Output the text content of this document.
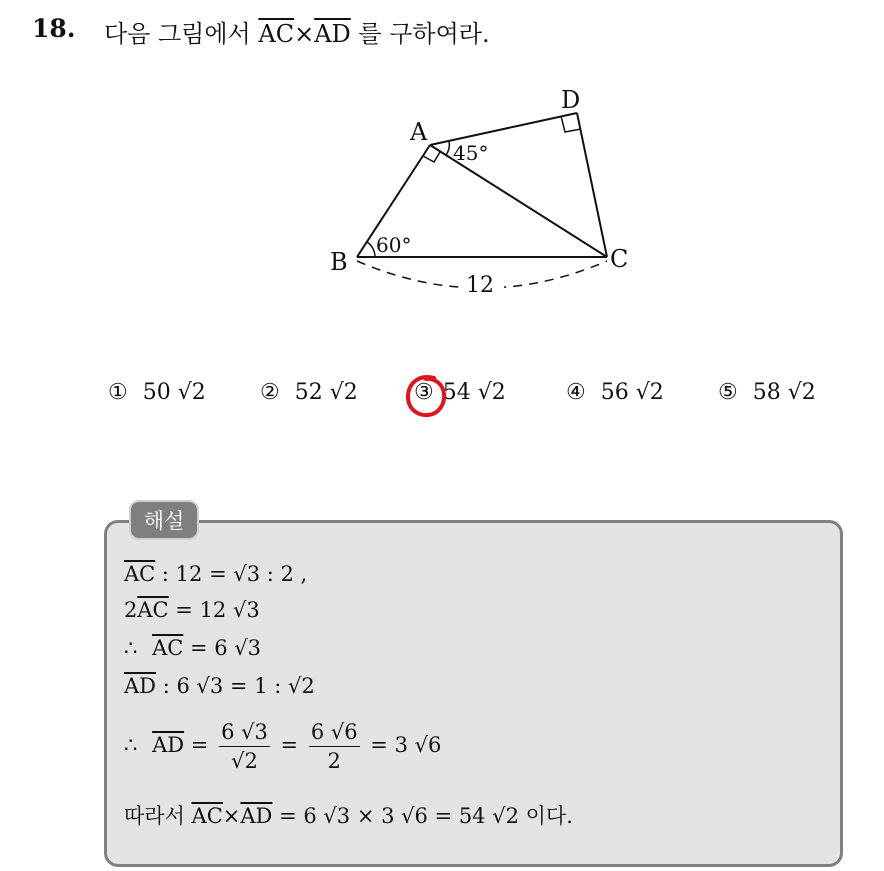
18. 다음 그림에서 $\overline{AC}\times\overline{AD}$ 를 구하여라.
A
B	C
D
45°
60°
12
① 50 √2 ② 52 √2	③ 54 √2	④ 56 √2 ⑤ 58 √2
해설
$\overline{AC}$ : 12 = √3 : 2 ,
$2\overline{AC} = 12$ √3
∴ $\overline{AC} = 6$ √3
$\overline{AD}$ : 6 √3 = 1 : √2
∴ $\overline{AD} = \frac{6 √3}{√2} = \frac{6 √6}{2} = 3$ √6
따라서 $\overline{AC}\times\overline{AD} = 6$ √3 × 3 √6 = 54 √2 이다.
